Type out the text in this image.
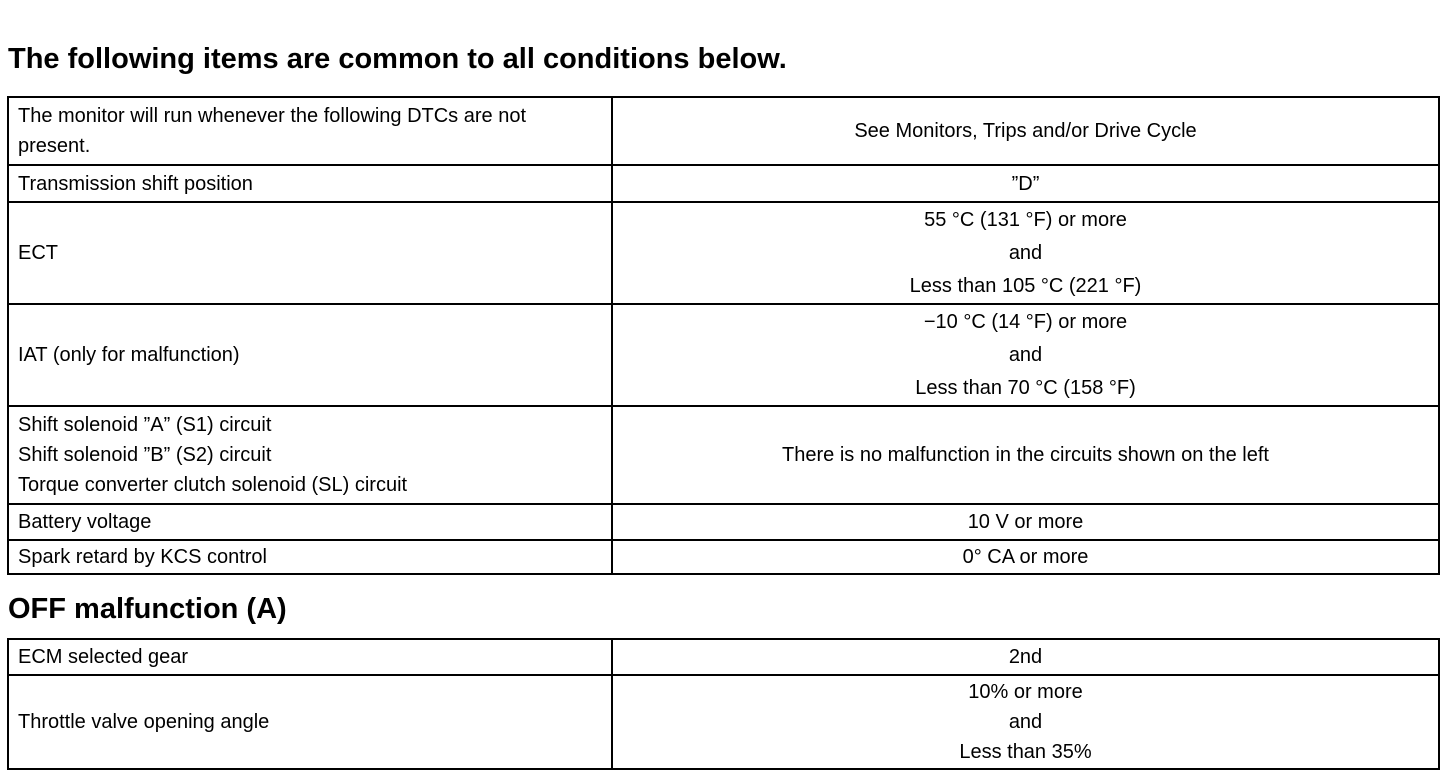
The following items are common to all conditions below.
The monitor will run whenever the following DTCs are not
present.	See Monitors, Trips and/or Drive Cycle

Transmission shift position	”D”

ECT	55 °C (131 °F) or more
and
Less than 105 °C (221 °F)

IAT (only for malfunction)	−10 °C (14 °F) or more
and
Less than 70 °C (158 °F)

Shift solenoid ”A” (S1) circuit
Shift solenoid ”B” (S2) circuit
Torque converter clutch solenoid (SL) circuit	There is no malfunction in the circuits shown on the left

Battery voltage	10 V or more

Spark retard by KCS control	0° CA or more
OFF malfunction (A)
ECM selected gear	2nd

Throttle valve opening angle	10% or more
and
Less than 35%
